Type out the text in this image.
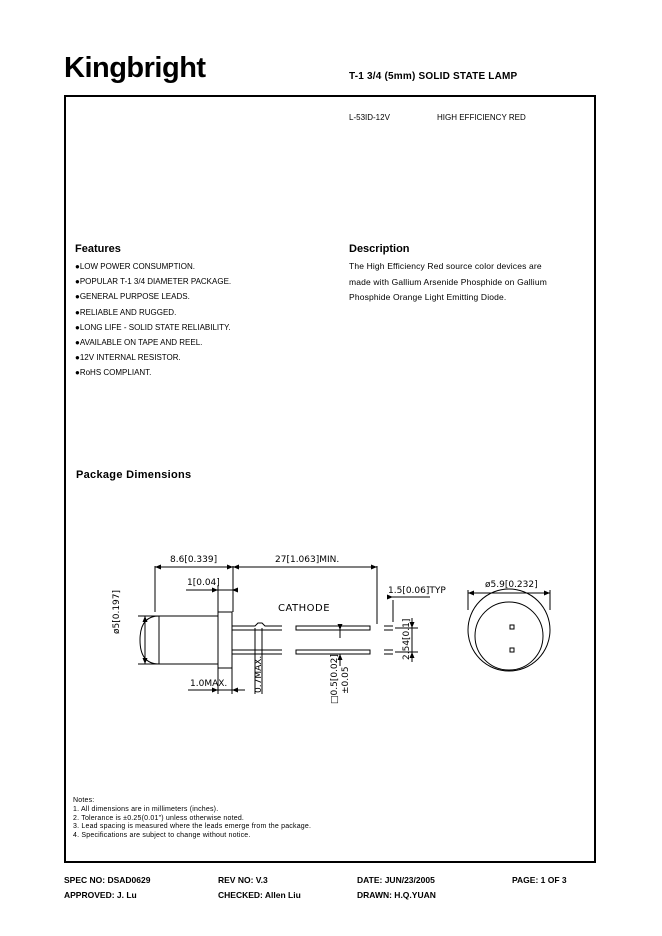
Kingbright	T-1 3/4 (5mm) SOLID STATE LAMP
L-53ID-12V	HIGH EFFICIENCY RED
Features
●LOW POWER CONSUMPTION.
●POPULAR T-1 3/4 DIAMETER PACKAGE.
●GENERAL PURPOSE LEADS.
●RELIABLE AND RUGGED.
●LONG LIFE - SOLID STATE RELIABILITY.
●AVAILABLE ON TAPE AND REEL.
●12V INTERNAL RESISTOR.
●RoHS COMPLIANT.
Description
The High Efficiency Red source color devices are
made with Gallium Arsenide Phosphide on Gallium
Phosphide Orange Light Emitting Diode.
Package Dimensions
8.6[0.339]	27[1.063]MIN.
1[0.04]
1.5[0.06]TYP
CATHODE
ø5[0.197]
2.54[0.1]
1.0MAX.	0.7MAX.	□0.5[0.02] ±0.05
ø5.9[0.232]
Notes:
1. All dimensions are in millimeters (inches).
2. Tolerance is ±0.25(0.01") unless otherwise noted.
3. Lead spacing is measured where the leads emerge from the package.
4. Specifications are subject to change without notice.
SPEC NO: DSAD0629	REV NO: V.3	DATE: JUN/23/2005	PAGE: 1 OF 3
APPROVED: J. Lu	CHECKED: Allen Liu	DRAWN: H.Q.YUAN
